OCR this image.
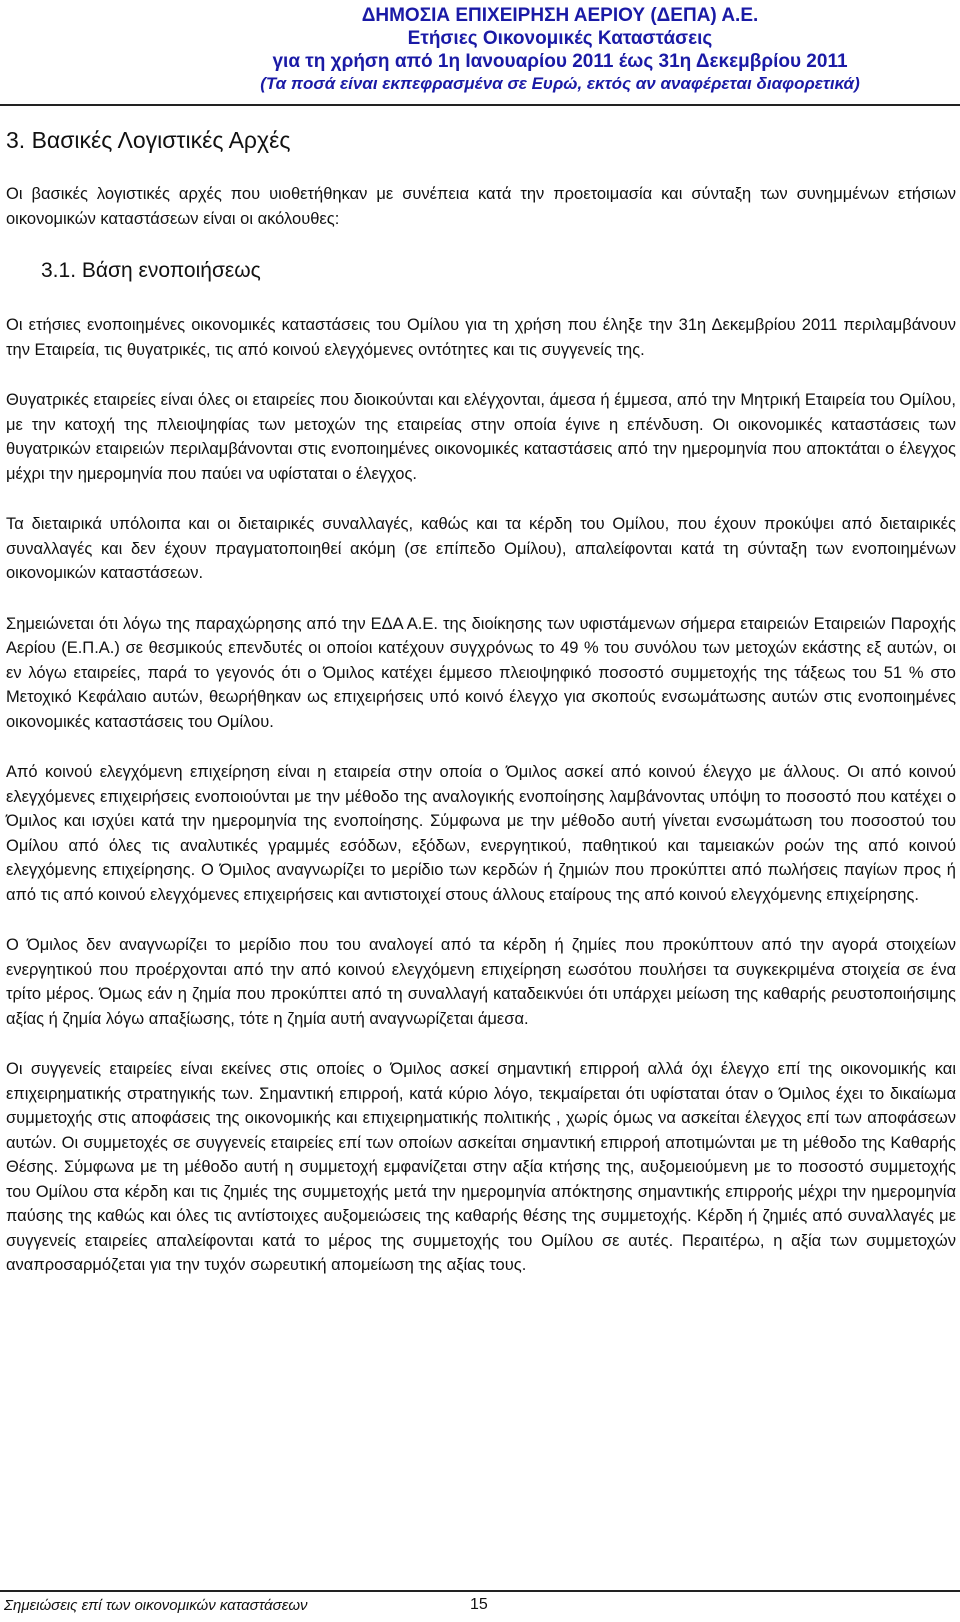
ΔΗΜΟΣΙΑ ΕΠΙΧΕΙΡΗΣΗ ΑΕΡΙΟΥ (ΔΕΠΑ) Α.Ε.
Ετήσιες Οικονομικές Καταστάσεις
για τη χρήση από 1η Ιανουαρίου 2011 έως 31η Δεκεμβρίου 2011
(Τα ποσά είναι εκπεφρασμένα σε Ευρώ, εκτός αν αναφέρεται διαφορετικά)
3. Βασικές Λογιστικές Αρχές

Οι βασικές λογιστικές αρχές που υιοθετήθηκαν με συνέπεια κατά την προετοιμασία και σύνταξη των συνημμένων ετήσιων οικονομικών καταστάσεων είναι οι ακόλουθες:

3.1. Βάση ενοποιήσεως

Οι ετήσιες ενοποιημένες οικονομικές καταστάσεις του Ομίλου για τη χρήση που έληξε την 31η Δεκεμβρίου 2011 περιλαμβάνουν την Εταιρεία, τις θυγατρικές, τις από κοινού ελεγχόμενες οντότητες και τις συγγενείς της.

Θυγατρικές εταιρείες είναι όλες οι εταιρείες που διοικούνται και ελέγχονται, άμεσα ή έμμεσα, από την Μητρική Εταιρεία του Ομίλου, με την κατοχή της πλειοψηφίας των μετοχών της εταιρείας στην οποία έγινε η επένδυση. Οι οικονομικές καταστάσεις των θυγατρικών εταιρειών περιλαμβάνονται στις ενοποιημένες οικονομικές καταστάσεις από την ημερομηνία που αποκτάται ο έλεγχος μέχρι την ημερομηνία που παύει να υφίσταται ο έλεγχος.

Τα διεταιρικά υπόλοιπα και οι διεταιρικές συναλλαγές, καθώς και τα κέρδη του Ομίλου, που έχουν προκύψει από διεταιρικές συναλλαγές και δεν έχουν πραγματοποιηθεί ακόμη (σε επίπεδο Ομίλου), απαλείφονται κατά τη σύνταξη των ενοποιημένων οικονομικών καταστάσεων.

Σημειώνεται ότι λόγω της παραχώρησης από την ΕΔΑ Α.Ε. της διοίκησης των υφιστάμενων σήμερα εταιρειών Εταιρειών Παροχής Αερίου (Ε.Π.Α.) σε θεσμικούς επενδυτές οι οποίοι κατέχουν συγχρόνως το 49 % του συνόλου των μετοχών εκάστης εξ αυτών, οι εν λόγω εταιρείες, παρά το γεγονός ότι ο Όμιλος κατέχει έμμεσο πλειοψηφικό ποσοστό συμμετοχής της τάξεως του 51 % στο Μετοχικό Κεφάλαιο αυτών, θεωρήθηκαν ως επιχειρήσεις υπό κοινό έλεγχο για σκοπούς ενσωμάτωσης αυτών στις ενοποιημένες οικονομικές καταστάσεις του Ομίλου.

Από κοινού ελεγχόμενη επιχείρηση είναι η εταιρεία στην οποία ο Όμιλος ασκεί από κοινού έλεγχο με άλλους. Οι από κοινού ελεγχόμενες επιχειρήσεις ενοποιούνται με την μέθοδο της αναλογικής ενοποίησης λαμβάνοντας υπόψη το ποσοστό που κατέχει ο Όμιλος και ισχύει κατά την ημερομηνία της ενοποίησης. Σύμφωνα με την μέθοδο αυτή γίνεται ενσωμάτωση του ποσοστού του Ομίλου από όλες τις αναλυτικές γραμμές εσόδων, εξόδων, ενεργητικού, παθητικού και ταμειακών ροών της από κοινού ελεγχόμενης επιχείρησης. Ο Όμιλος αναγνωρίζει το μερίδιο των κερδών ή ζημιών που προκύπτει από πωλήσεις παγίων προς ή από τις από κοινού ελεγχόμενες επιχειρήσεις και αντιστοιχεί στους άλλους εταίρους της από κοινού ελεγχόμενης επιχείρησης.

Ο Όμιλος δεν αναγνωρίζει το μερίδιο που του αναλογεί από τα κέρδη ή ζημίες που προκύπτουν από την αγορά στοιχείων ενεργητικού που προέρχονται από την από κοινού ελεγχόμενη επιχείρηση εωσότου πουλήσει τα συγκεκριμένα στοιχεία σε ένα τρίτο μέρος. Όμως εάν η ζημία που προκύπτει από τη συναλλαγή καταδεικνύει ότι υπάρχει μείωση της καθαρής ρευστοποιήσιμης αξίας ή ζημία λόγω απαξίωσης, τότε η ζημία αυτή αναγνωρίζεται άμεσα.

Οι συγγενείς εταιρείες είναι εκείνες στις οποίες ο Όμιλος ασκεί σημαντική επιρροή αλλά όχι έλεγχο επί της οικονομικής και επιχειρηματικής στρατηγικής των. Σημαντική επιρροή, κατά κύριο λόγο, τεκμαίρεται ότι υφίσταται όταν ο Όμιλος έχει το δικαίωμα συμμετοχής στις αποφάσεις της οικονομικής και επιχειρηματικής πολιτικής , χωρίς όμως να ασκείται έλεγχος επί των αποφάσεων αυτών. Οι συμμετοχές σε συγγενείς εταιρείες επί των οποίων ασκείται σημαντική επιρροή αποτιμώνται με τη μέθοδο της Καθαρής Θέσης. Σύμφωνα με τη μέθοδο αυτή η συμμετοχή εμφανίζεται στην αξία κτήσης της, αυξομειούμενη με το ποσοστό συμμετοχής του Ομίλου στα κέρδη και τις ζημιές της συμμετοχής μετά την ημερομηνία απόκτησης σημαντικής επιρροής μέχρι την ημερομηνία παύσης της καθώς και όλες τις αντίστοιχες αυξομειώσεις της καθαρής θέσης της συμμετοχής. Κέρδη ή ζημιές από συναλλαγές με συγγενείς εταιρείες απαλείφονται κατά το μέρος της συμμετοχής του Ομίλου σε αυτές. Περαιτέρω, η αξία των συμμετοχών αναπροσαρμόζεται για την τυχόν σωρευτική απομείωση της αξίας τους.

Σημειώσεις επί των οικονομικών καταστάσεων	15
